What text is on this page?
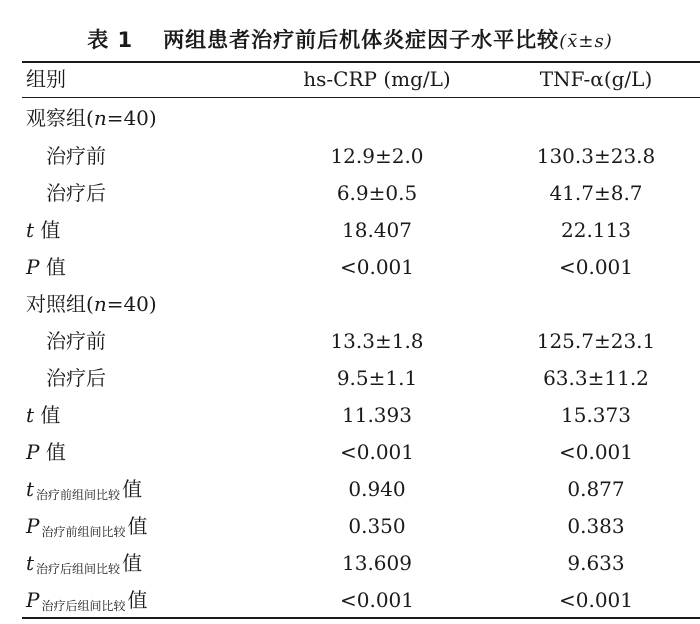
表 1 两组患者治疗前后机体炎症因子水平比较(x̄±s)
组别	hs-CRP (mg/L)	TNF-α(g/L)
观察组(n=40)
治疗前	12.9±2.0	130.3±23.8
治疗后	6.9±0.5	41.7±8.7
t 值	18.407	22.113
P 值	<0.001	<0.001
对照组(n=40)
治疗前	13.3±1.8	125.7±23.1
治疗后	9.5±1.1	63.3±11.2
t 值	11.393	15.373
P 值	<0.001	<0.001
t $_{治疗前组间比较}$ 值	0.940	0.877
P $_{治疗前组间比较}$ 值	0.350	0.383
t $_{治疗后组间比较}$ 值	13.609	9.633
P $_{治疗后组间比较}$ 值	<0.001	<0.001
